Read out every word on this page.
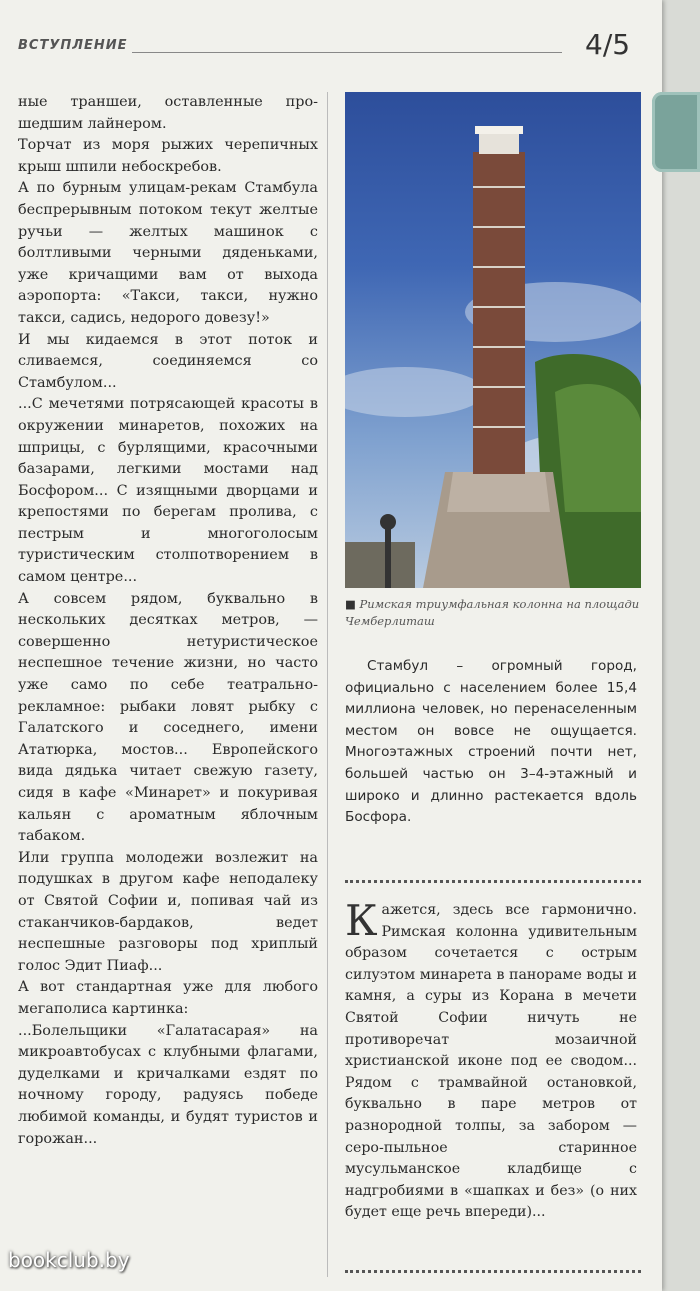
ВСТУПЛЕНИЕ	4/5

ные траншеи, оставленные прошедшим лайнером.

Торчат из моря рыжих черепичных крыш шпили небоскребов.

А по бурным улицам-рекам Стамбула беспрерывным потоком текут желтые ручьи — желтых машинок с болтливыми черными дяденьками, уже кричащими вам от выхода аэропорта: «Такси, такси, нужно такси, садись, недорого довезу!»

И мы кидаемся в этот поток и сливаемся, соединяемся со Стамбулом...

...С мечетями потрясающей красоты в окружении минаретов, похожих на шприцы, с бурлящими, красочными базарами, легкими мостами над Босфором... С изящными дворцами и крепостями по берегам пролива, с пестрым и многоголосым туристическим столпотворением в самом центре...

А совсем рядом, буквально в нескольких десятках метров, — совершенно нетуристическое неспешное течение жизни, но часто уже само по себе театрально-рекламное: рыбаки ловят рыбку с Галатского и соседнего, имени Ататюрка, мостов... Европейского вида дядька читает свежую газету, сидя в кафе «Минарет» и покуривая кальян с ароматным яблочным табаком.

Или группа молодежи возлежит на подушках в другом кафе неподалеку от Святой Софии и, попивая чай из стаканчиков-бардаков, ведет неспешные разговоры под хриплый голос Эдит Пиаф...

А вот стандартная уже для любого мегаполиса картинка:

...Болельщики «Галатасарая» на микроавтобусах с клубными флагами, дуделками и кричалками ездят по ночному городу, радуясь победе любимой команды, и будят туристов и горожан...

■ Римская триумфальная колонна на площади Чемберлиташ

Стамбул – огромный город, официально с населением более 15,4 миллиона человек, но перенаселенным местом он вовсе не ощущается. Многоэтажных строений почти нет, большей частью он 3–4-этажный и широко и длинно растекается вдоль Босфора.

Кажется, здесь все гармонично. Римская колонна удивительным образом сочетается с острым силуэтом минарета в панораме воды и камня, а суры из Корана в мечети Святой Софии ничуть не противоречат мозаичной христианской иконе под ее сводом... Рядом с трамвайной остановкой, буквально в паре метров от разнородной толпы, за забором — серо-пыльное старинное мусульманское кладбище с надгробиями в «шапках и без» (о них будет еще речь впереди)...

bookclub.by
